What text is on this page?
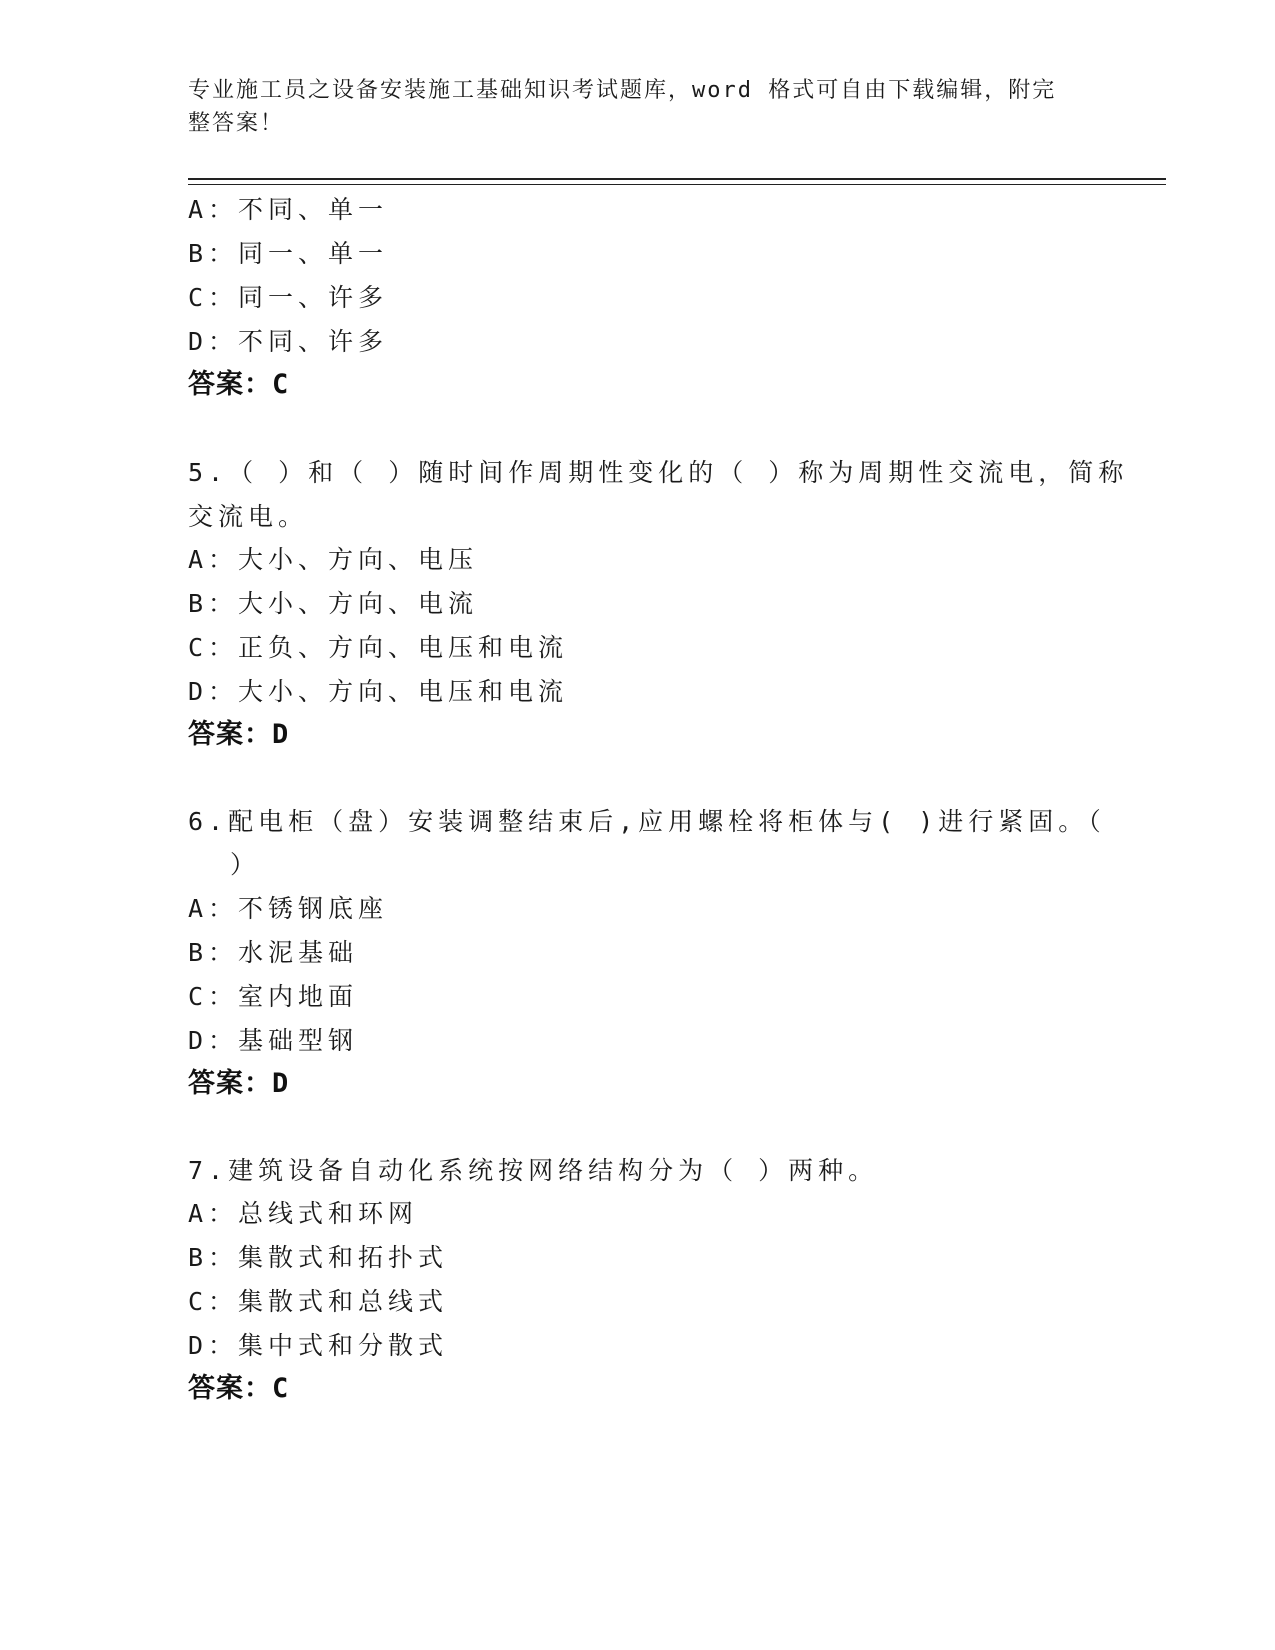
专业施工员之设备安装施工基础知识考试题库，word 格式可自由下载编辑，附完整答案！
A：不同、单一
B：同一、单一
C：同一、许多
D：不同、许多
答案：C
5.（ ）和（ ）随时间作周期性变化的（ ）称为周期性交流电，简称
交流电。
A：大小、方向、电压
B：大小、方向、电流
C：正负、方向、电压和电流
D：大小、方向、电压和电流
答案：D
6.配电柜（盘）安装调整结束后,应用螺栓将柜体与( )进行紧固。（
）
A：不锈钢底座
B：水泥基础
C：室内地面
D：基础型钢
答案：D
7.建筑设备自动化系统按网络结构分为（ ）两种。
A：总线式和环网
B：集散式和拓扑式
C：集散式和总线式
D：集中式和分散式
答案：C
